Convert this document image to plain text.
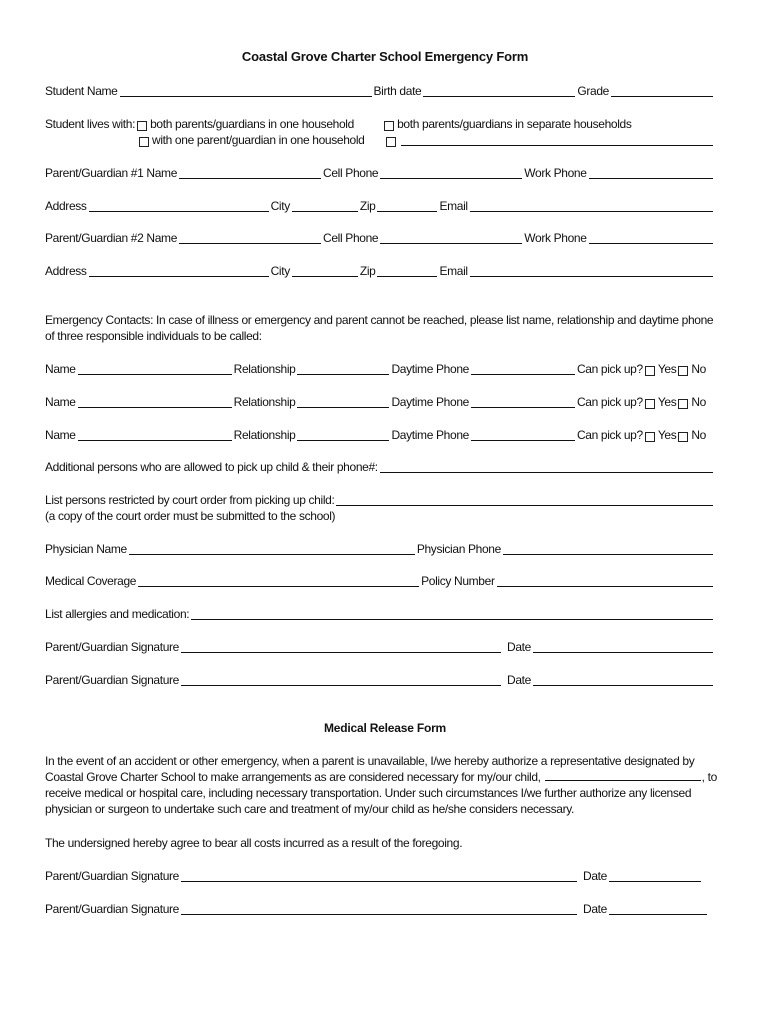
Coastal Grove Charter School Emergency Form
Student Name	Birth date	Grade
Student lives with: both parents/guardians in one household	both parents/guardians in separate households
with one parent/guardian in one household
Parent/Guardian #1 Name	Cell Phone	Work Phone
Address	City	Zip	Email
Parent/Guardian #2 Name	Cell Phone	Work Phone
Address	City	Zip	Email
Emergency Contacts: In case of illness or emergency and parent cannot be reached, please list name, relationship and daytime phone
of three responsible individuals to be called:
Name	Relationship	Daytime Phone	Can pick up? Yes No
Name	Relationship	Daytime Phone	Can pick up? Yes No
Name	Relationship	Daytime Phone	Can pick up? Yes No
Additional persons who are allowed to pick up child & their phone#:
List persons restricted by court order from picking up child:
(a copy of the court order must be submitted to the school)
Physician Name	Physician Phone
Medical Coverage	Policy Number
List allergies and medication:
Parent/Guardian Signature	Date
Parent/Guardian Signature	Date
Medical Release Form
In the event of an accident or other emergency, when a parent is unavailable, I/we hereby authorize a representative designated by
Coastal Grove Charter School to make arrangements as are considered necessary for my/our child,	, to
receive medical or hospital care, including necessary transportation. Under such circumstances I/we further authorize any licensed
physician or surgeon to undertake such care and treatment of my/our child as he/she considers necessary.
The undersigned hereby agree to bear all costs incurred as a result of the foregoing.
Parent/Guardian Signature	Date
Parent/Guardian Signature	Date
